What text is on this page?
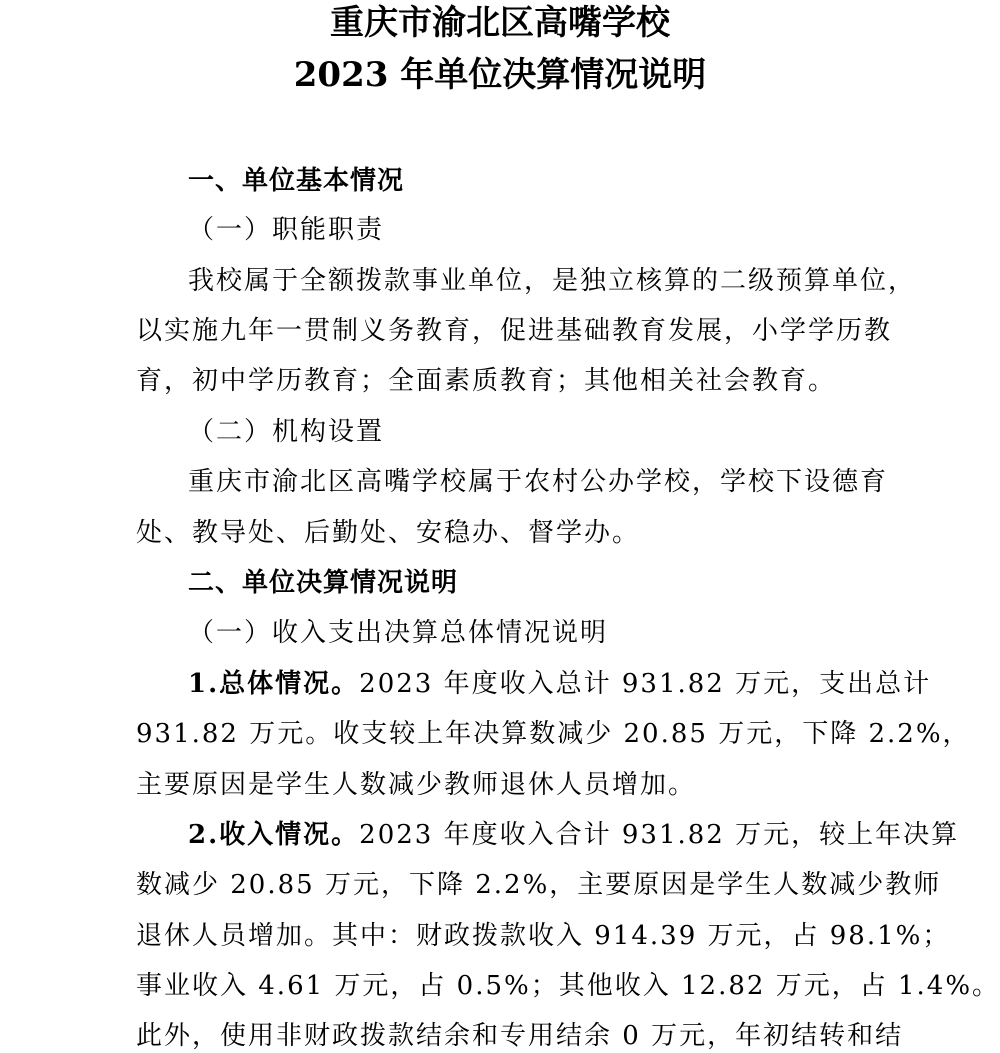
重庆市渝北区高嘴学校
2023 年单位决算情况说明
一、单位基本情况
（一）职能职责
我校属于全额拨款事业单位，是独立核算的二级预算单位，
以实施九年一贯制义务教育，促进基础教育发展，小学学历教
育，初中学历教育；全面素质教育；其他相关社会教育。
（二）机构设置
重庆市渝北区高嘴学校属于农村公办学校，学校下设德育
处、教导处、后勤处、安稳办、督学办。
二、单位决算情况说明
（一）收入支出决算总体情况说明
1.总体情况。2023 年度收入总计 931.82 万元，支出总计
931.82 万元。收支较上年决算数减少 20.85 万元，下降 2.2%，
主要原因是学生人数减少教师退休人员增加。
2.收入情况。2023 年度收入合计 931.82 万元，较上年决算
数减少 20.85 万元，下降 2.2%，主要原因是学生人数减少教师
退休人员增加。其中：财政拨款收入 914.39 万元，占 98.1%；
事业收入 4.61 万元，占 0.5%；其他收入 12.82 万元，占 1.4%。
此外，使用非财政拨款结余和专用结余 0 万元，年初结转和结
